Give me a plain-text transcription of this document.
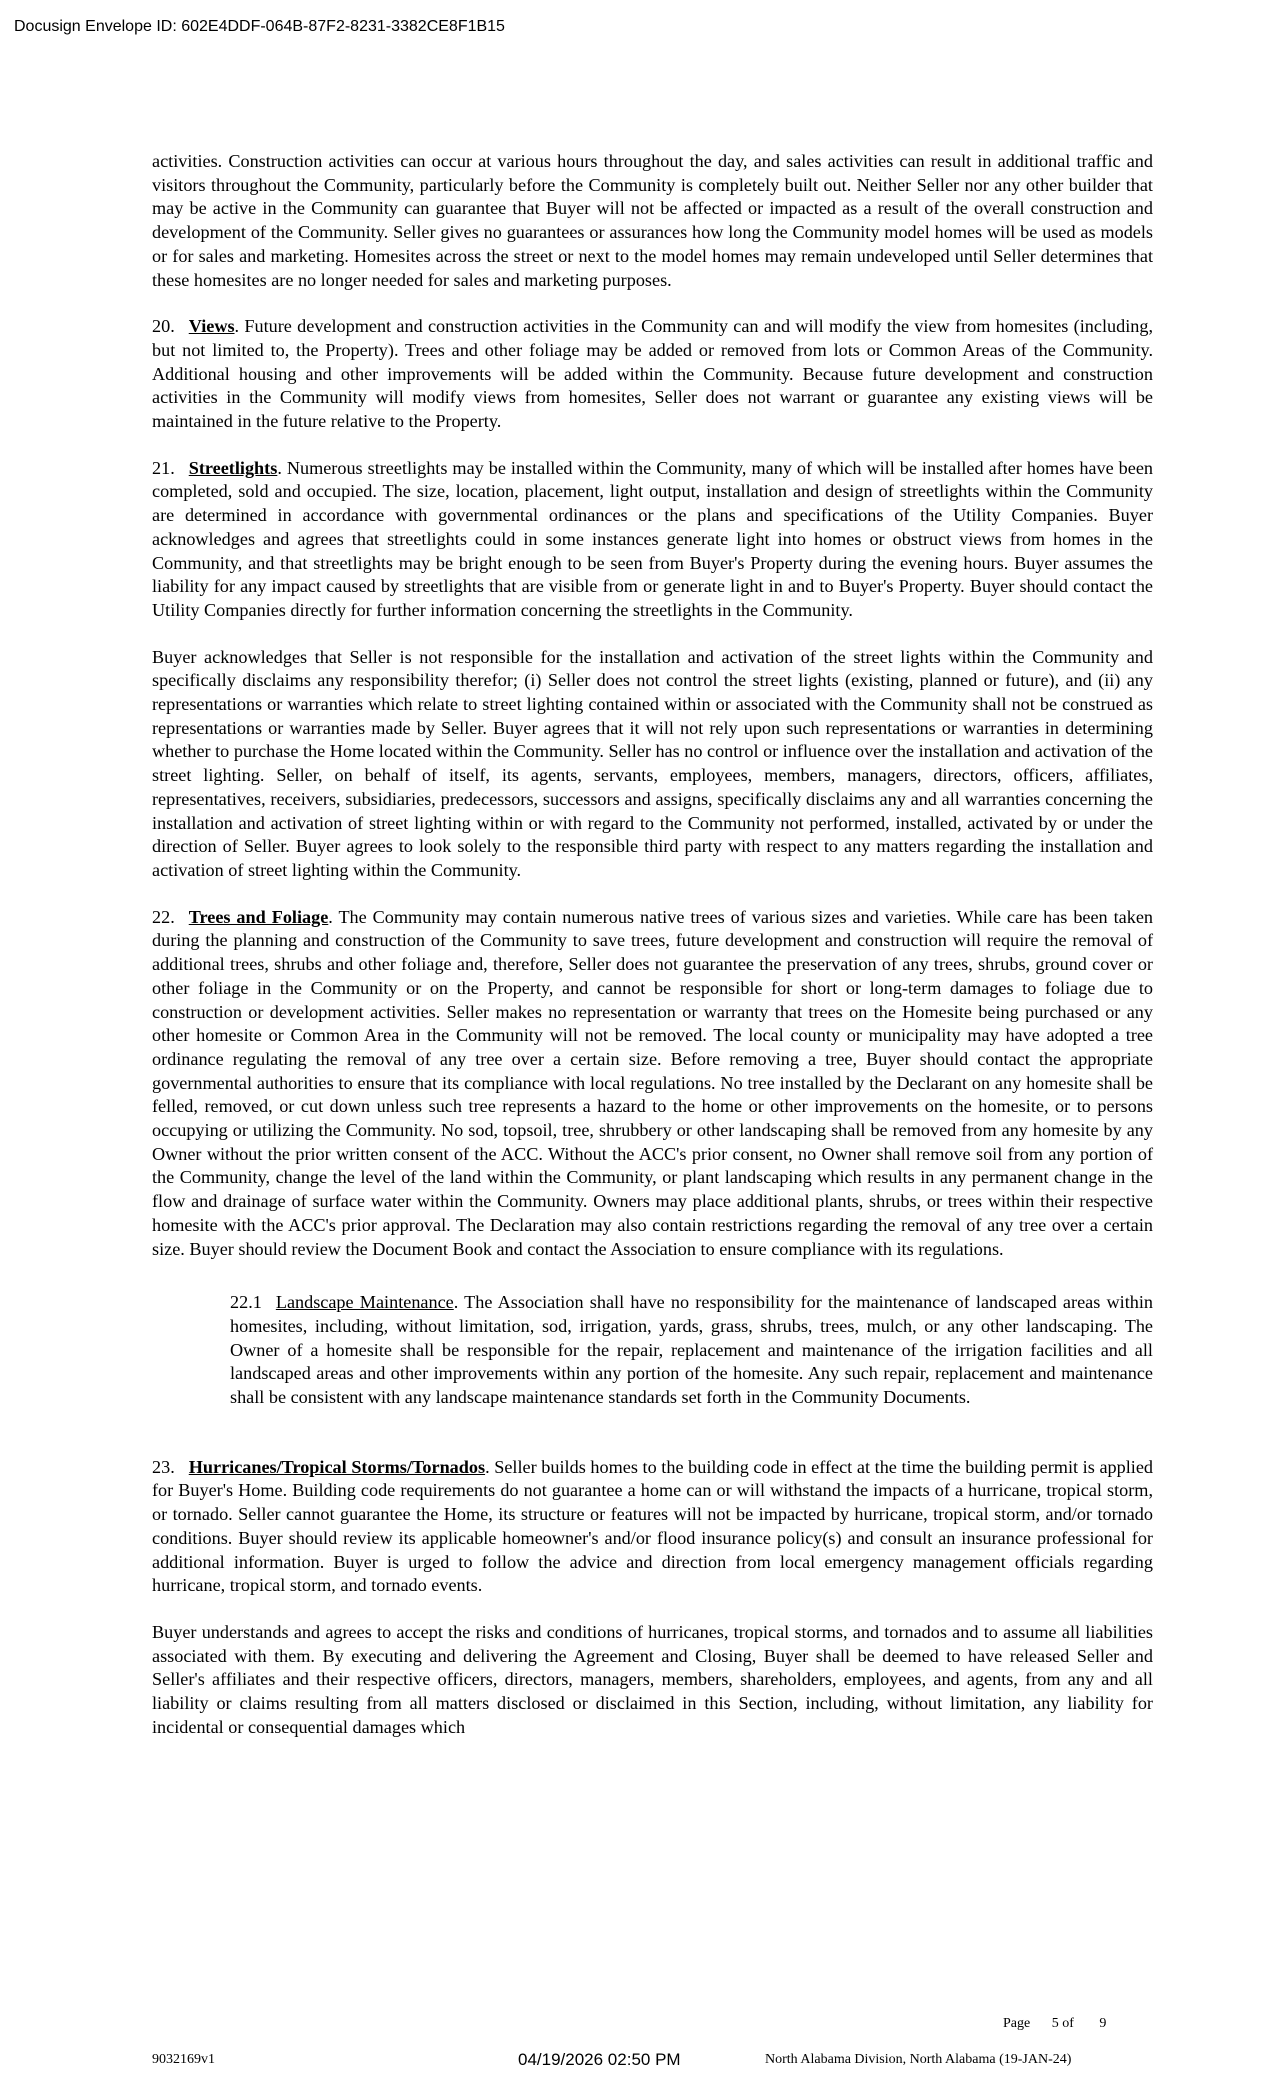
Docusign Envelope ID: 602E4DDF-064B-87F2-8231-3382CE8F1B15

activities. Construction activities can occur at various hours throughout the day, and sales activities can result in additional traffic and visitors throughout the Community, particularly before the Community is completely built out. Neither Seller nor any other builder that may be active in the Community can guarantee that Buyer will not be affected or impacted as a result of the overall construction and development of the Community. Seller gives no guarantees or assurances how long the Community model homes will be used as models or for sales and marketing. Homesites across the street or next to the model homes may remain undeveloped until Seller determines that these homesites are no longer needed for sales and marketing purposes.

20. Views. Future development and construction activities in the Community can and will modify the view from homesites (including, but not limited to, the Property). Trees and other foliage may be added or removed from lots or Common Areas of the Community. Additional housing and other improvements will be added within the Community. Because future development and construction activities in the Community will modify views from homesites, Seller does not warrant or guarantee any existing views will be maintained in the future relative to the Property.

21. Streetlights. Numerous streetlights may be installed within the Community, many of which will be installed after homes have been completed, sold and occupied. The size, location, placement, light output, installation and design of streetlights within the Community are determined in accordance with governmental ordinances or the plans and specifications of the Utility Companies. Buyer acknowledges and agrees that streetlights could in some instances generate light into homes or obstruct views from homes in the Community, and that streetlights may be bright enough to be seen from Buyer's Property during the evening hours. Buyer assumes the liability for any impact caused by streetlights that are visible from or generate light in and to Buyer's Property. Buyer should contact the Utility Companies directly for further information concerning the streetlights in the Community.

Buyer acknowledges that Seller is not responsible for the installation and activation of the street lights within the Community and specifically disclaims any responsibility therefor; (i) Seller does not control the street lights (existing, planned or future), and (ii) any representations or warranties which relate to street lighting contained within or associated with the Community shall not be construed as representations or warranties made by Seller. Buyer agrees that it will not rely upon such representations or warranties in determining whether to purchase the Home located within the Community. Seller has no control or influence over the installation and activation of the street lighting. Seller, on behalf of itself, its agents, servants, employees, members, managers, directors, officers, affiliates, representatives, receivers, subsidiaries, predecessors, successors and assigns, specifically disclaims any and all warranties concerning the installation and activation of street lighting within or with regard to the Community not performed, installed, activated by or under the direction of Seller. Buyer agrees to look solely to the responsible third party with respect to any matters regarding the installation and activation of street lighting within the Community.

22. Trees and Foliage. The Community may contain numerous native trees of various sizes and varieties. While care has been taken during the planning and construction of the Community to save trees, future development and construction will require the removal of additional trees, shrubs and other foliage and, therefore, Seller does not guarantee the preservation of any trees, shrubs, ground cover or other foliage in the Community or on the Property, and cannot be responsible for short or long-term damages to foliage due to construction or development activities. Seller makes no representation or warranty that trees on the Homesite being purchased or any other homesite or Common Area in the Community will not be removed. The local county or municipality may have adopted a tree ordinance regulating the removal of any tree over a certain size. Before removing a tree, Buyer should contact the appropriate governmental authorities to ensure that its compliance with local regulations. No tree installed by the Declarant on any homesite shall be felled, removed, or cut down unless such tree represents a hazard to the home or other improvements on the homesite, or to persons occupying or utilizing the Community. No sod, topsoil, tree, shrubbery or other landscaping shall be removed from any homesite by any Owner without the prior written consent of the ACC. Without the ACC's prior consent, no Owner shall remove soil from any portion of the Community, change the level of the land within the Community, or plant landscaping which results in any permanent change in the flow and drainage of surface water within the Community. Owners may place additional plants, shrubs, or trees within their respective homesite with the ACC's prior approval. The Declaration may also contain restrictions regarding the removal of any tree over a certain size. Buyer should review the Document Book and contact the Association to ensure compliance with its regulations.

22.1 Landscape Maintenance. The Association shall have no responsibility for the maintenance of landscaped areas within homesites, including, without limitation, sod, irrigation, yards, grass, shrubs, trees, mulch, or any other landscaping. The Owner of a homesite shall be responsible for the repair, replacement and maintenance of the irrigation facilities and all landscaped areas and other improvements within any portion of the homesite. Any such repair, replacement and maintenance shall be consistent with any landscape maintenance standards set forth in the Community Documents.

23. Hurricanes/Tropical Storms/Tornados. Seller builds homes to the building code in effect at the time the building permit is applied for Buyer's Home. Building code requirements do not guarantee a home can or will withstand the impacts of a hurricane, tropical storm, or tornado. Seller cannot guarantee the Home, its structure or features will not be impacted by hurricane, tropical storm, and/or tornado conditions. Buyer should review its applicable homeowner's and/or flood insurance policy(s) and consult an insurance professional for additional information. Buyer is urged to follow the advice and direction from local emergency management officials regarding hurricane, tropical storm, and tornado events.

Buyer understands and agrees to accept the risks and conditions of hurricanes, tropical storms, and tornados and to assume all liabilities associated with them. By executing and delivering the Agreement and Closing, Buyer shall be deemed to have released Seller and Seller's affiliates and their respective officers, directors, managers, members, shareholders, employees, and agents, from any and all liability or claims resulting from all matters disclosed or disclaimed in this Section, including, without limitation, any liability for incidental or consequential damages which

Page 5 of 9
9032169v1	04/19/2026 02:50 PM	North Alabama Division, North Alabama (19-JAN-24)
